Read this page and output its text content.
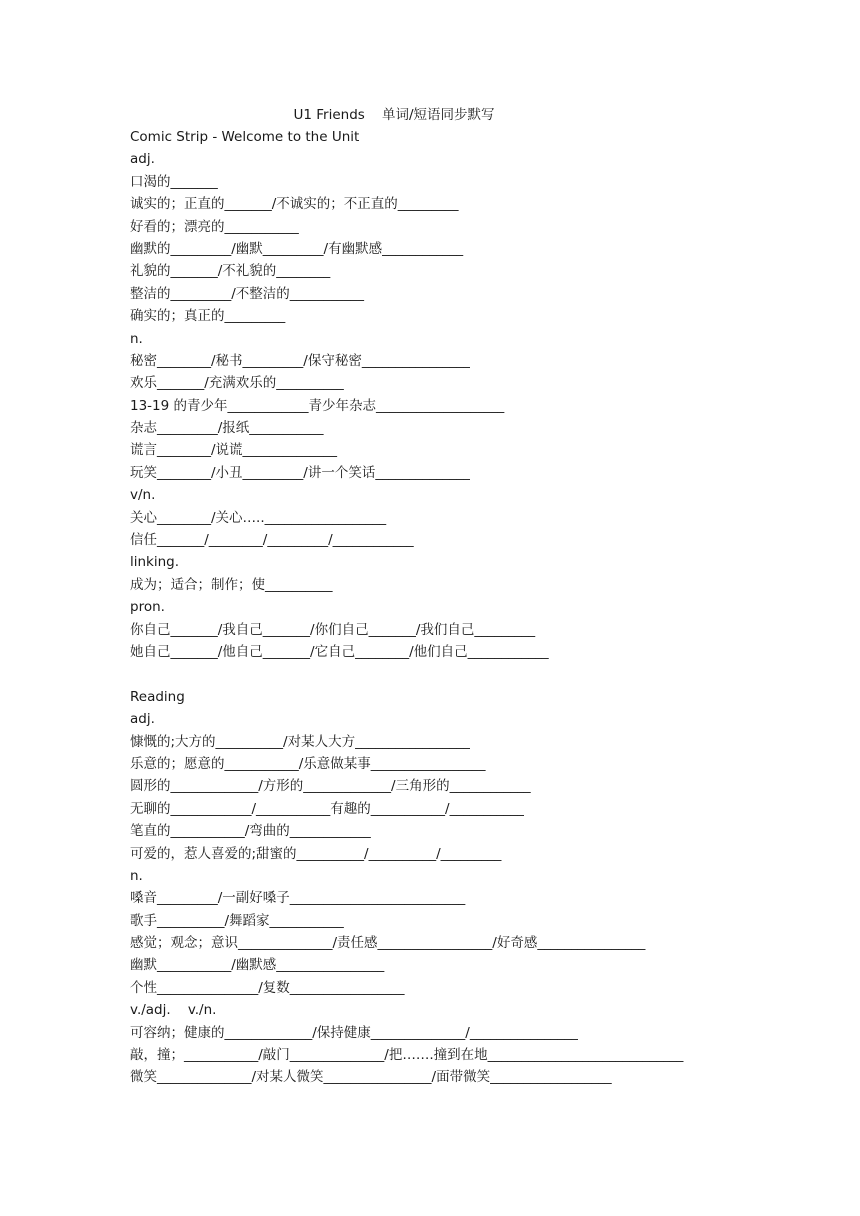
U1 Friends    单词/短语同步默写
Comic Strip - Welcome to the Unit
adj.
口渴的_______
诚实的；正直的_______/不诚实的；不正直的_________
好看的；漂亮的___________
幽默的_________/幽默_________/有幽默感____________
礼貌的_______/不礼貌的________
整洁的_________/不整洁的___________
确实的；真正的_________
n.
秘密________/秘书_________/保守秘密________________
欢乐_______/充满欢乐的__________
13-19 的青少年____________青少年杂志___________________
杂志_________/报纸___________
谎言________/说谎______________
玩笑________/小丑_________/讲一个笑话______________
v/n.
关心________/关心…..__________________
信任_______/________/_________/____________
linking.
成为；适合；制作；使__________
pron.
你自己_______/我自己_______/你们自己_______/我们自己_________
她自己_______/他自己_______/它自己________/他们自己____________
Reading
adj.
慷慨的;大方的__________/对某人大方_________________
乐意的；愿意的___________/乐意做某事_________________
圆形的_____________/方形的_____________/三角形的____________
无聊的____________/___________有趣的___________/___________
笔直的___________/弯曲的____________
可爱的，惹人喜爱的;甜蜜的__________/__________/_________
n.
嗓音_________/一副好嗓子__________________________
歌手__________/舞蹈家___________
感觉；观念；意识______________/责任感_________________/好奇感________________
幽默___________/幽默感________________
个性_______________/复数_________________
v./adj.    v./n.
可容纳；健康的_____________/保持健康______________/________________
敲，撞；___________/敲门______________/把…….撞到在地_____________________________
微笑______________/对某人微笑________________/面带微笑__________________
